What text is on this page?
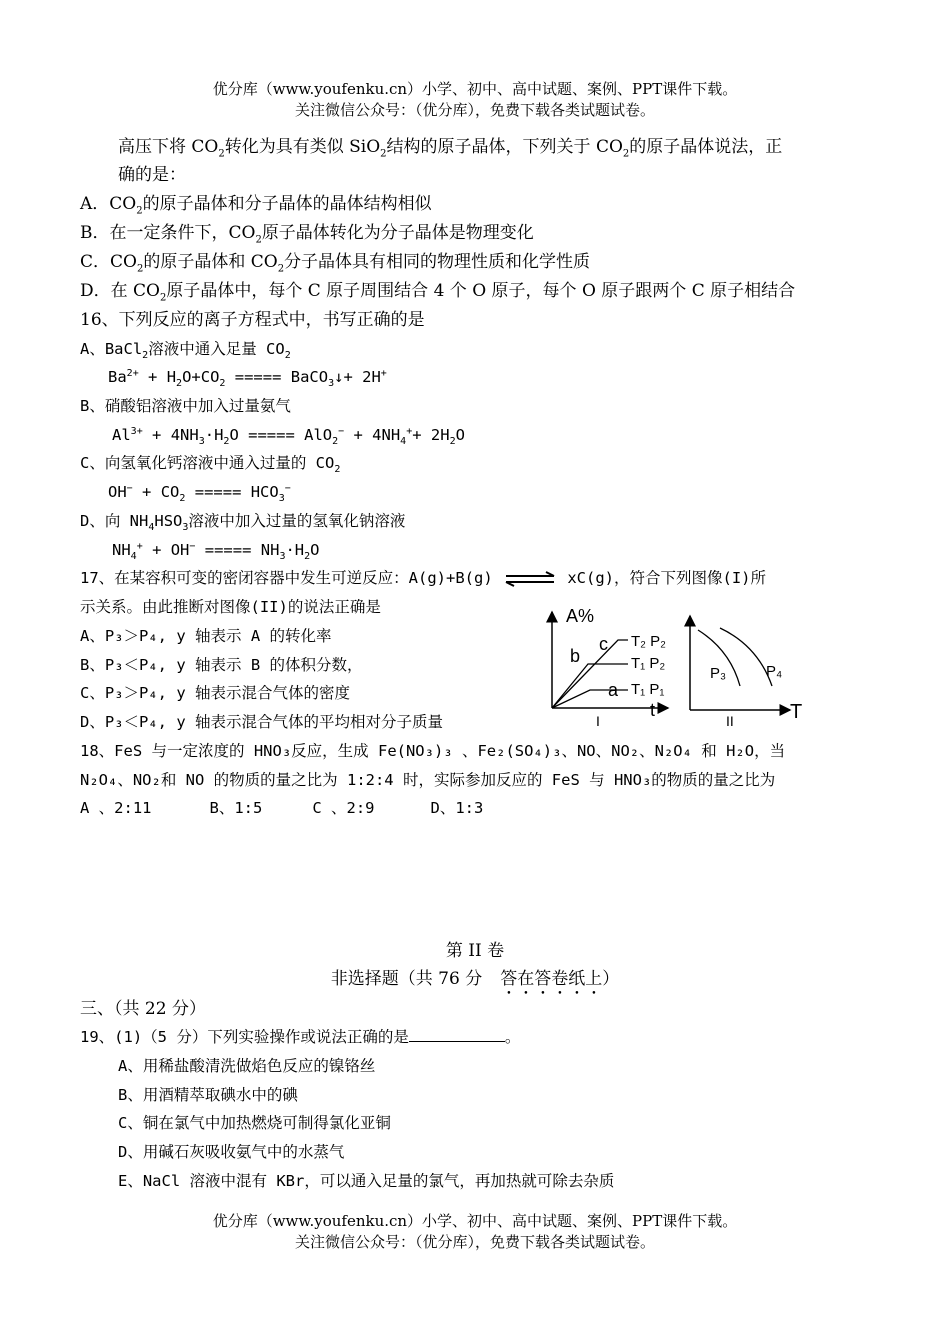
优分库（www.youfenku.cn）小学、初中、高中试题、案例、PPT课件下载。
关注微信公众号：（优分库），免费下载各类试题试卷。
高压下将 $CO_2$转化为具有类似 SiO$_2$结构的原子晶体，下列关于 $CO_2$的原子晶体说法，正
确的是：
A．$CO_2$的原子晶体和分子晶体的晶体结构相似
B．在一定条件下，$CO_2$原子晶体转化为分子晶体是物理变化
C．$CO_2$的原子晶体和 $CO_2$分子晶体具有相同的物理性质和化学性质
D．在 $CO_2$原子晶体中，每个 C 原子周围结合 4 个 O 原子，每个 O 原子跟两个 C 原子相结合
16、下列反应的离子方程式中，书写正确的是
A、BaCl$_2$溶液中通入足量 $CO_2$
$Ba^{2+} + H_2O+CO_2$ ===== BaCO$_3$↓+ 2H+
B、硝酸铝溶液中加入过量氨气
$Al^{3+} + 4NH_3\cdot H_2O$ ===== $AlO_2^- + 4NH_4^++ 2H_2O$
C、向氢氧化钙溶液中通入过量的 $CO_2$
$OH^- + CO_2$ ===== $HCO_3^-$
D、向 $NH_4HSO_3$溶液中加入过量的氢氧化钠溶液
$NH_4^+ + OH^-$ ===== $NH_3\cdot H_2O$
17、在某容积可变的密闭容器中发生可逆反应：A(g)+B(g) ⇌ xC(g)，符合下列图像(I)所
示关系。由此推断对图像(II)的说法正确是
A、P₃＞P₄, y 轴表示 A 的转化率
B、P₃＜P₄, y 轴表示 B 的体积分数，
C、P₃＞P₄, y 轴表示混合气体的密度
D、P₃＜P₄, y 轴表示混合气体的平均相对分子质量
A%
c
b
a
T₂ P₂
T₁ P₂
T₁ P₁
t
I
P₃	P₄
T
II
18、FeS 与一定浓度的 HNO₃反应，生成 Fe(NO₃)₃ 、Fe₂(SO₄)₃、NO、NO₂、N₂O₄ 和 H₂O，当
N₂O₄、NO₂和 NO 的物质的量之比为 1:2:4 时，实际参加反应的 FeS 与 HNO₃的物质的量之比为
A 、2:11	B、1:5	C 、2:9	D、1:3
第 II 卷
非选择题（共 76 分 答在答卷纸上）
三、（共 22 分）
19、(1)（5 分）下列实验操作或说法正确的是	。
A、用稀盐酸清洗做焰色反应的镍铬丝
B、用酒精萃取碘水中的碘
C、铜在氯气中加热燃烧可制得氯化亚铜
D、用碱石灰吸收氨气中的水蒸气
E、NaCl 溶液中混有 KBr，可以通入足量的氯气，再加热就可除去杂质
优分库（www.youfenku.cn）小学、初中、高中试题、案例、PPT课件下载。
关注微信公众号：（优分库），免费下载各类试题试卷。
